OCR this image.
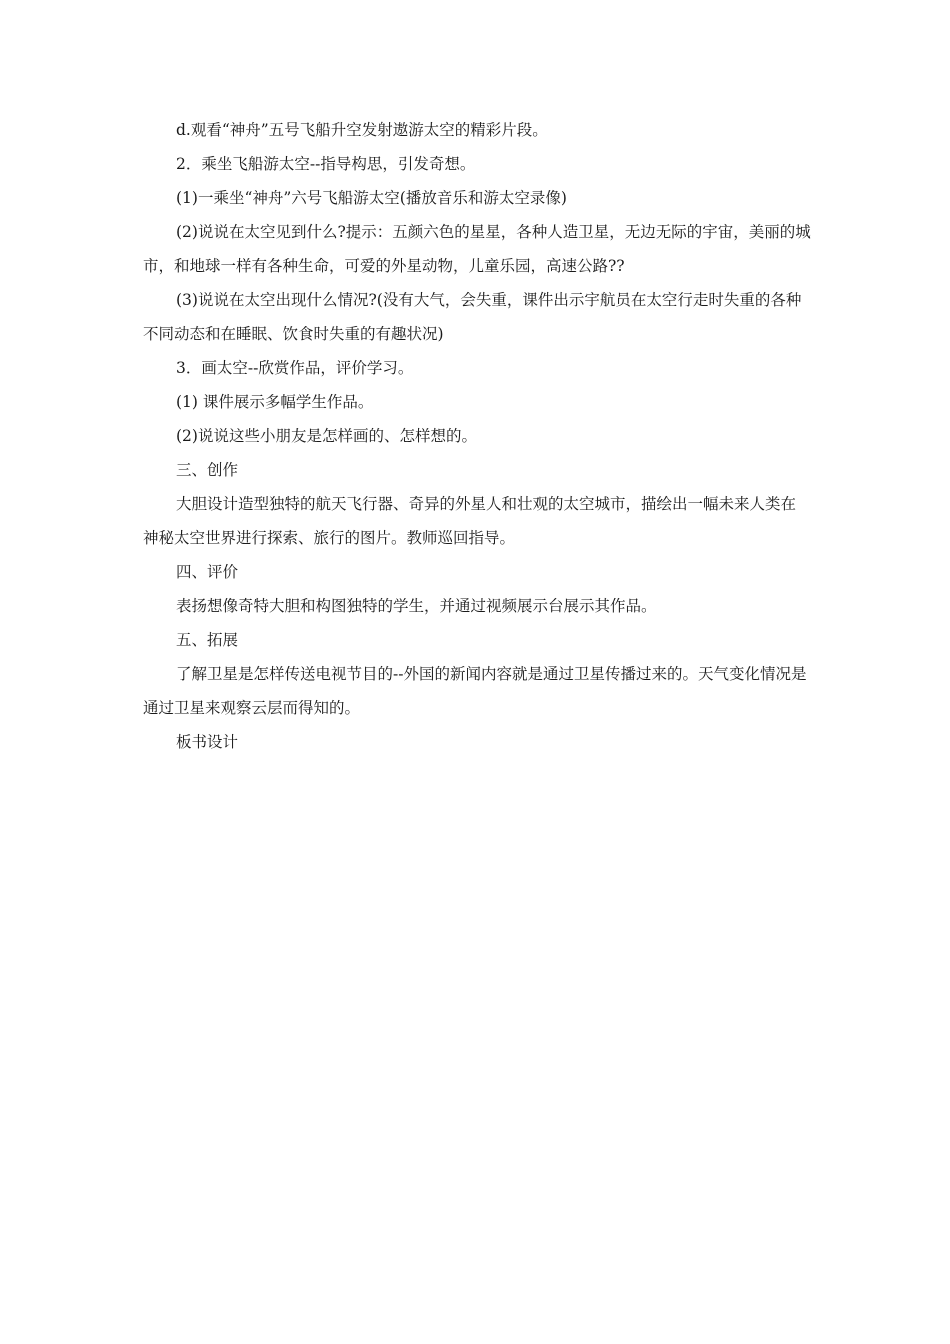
d.观看“神舟”五号飞船升空发射遨游太空的精彩片段。

2．乘坐飞船游太空--指导构思，引发奇想。

(1)一乘坐“神舟”六号飞船游太空(播放音乐和游太空录像)

(2)说说在太空见到什么?提示：五颜六色的星星，各种人造卫星，无边无际的宇宙，美丽的城市，和地球一样有各种生命，可爱的外星动物，儿童乐园，高速公路??

(3)说说在太空出现什么情况?(没有大气，会失重，课件出示宇航员在太空行走时失重的各种不同动态和在睡眠、饮食时失重的有趣状况)

3．画太空--欣赏作品，评价学习。

(1) 课件展示多幅学生作品。

(2)说说这些小朋友是怎样画的、怎样想的。

三、创作

大胆设计造型独特的航天飞行器、奇异的外星人和壮观的太空城市，描绘出一幅未来人类在神秘太空世界进行探索、旅行的图片。教师巡回指导。

四、评价

表扬想像奇特大胆和构图独特的学生，并通过视频展示台展示其作品。

五、拓展

了解卫星是怎样传送电视节目的--外国的新闻内容就是通过卫星传播过来的。天气变化情况是通过卫星来观察云层而得知的。

板书设计
